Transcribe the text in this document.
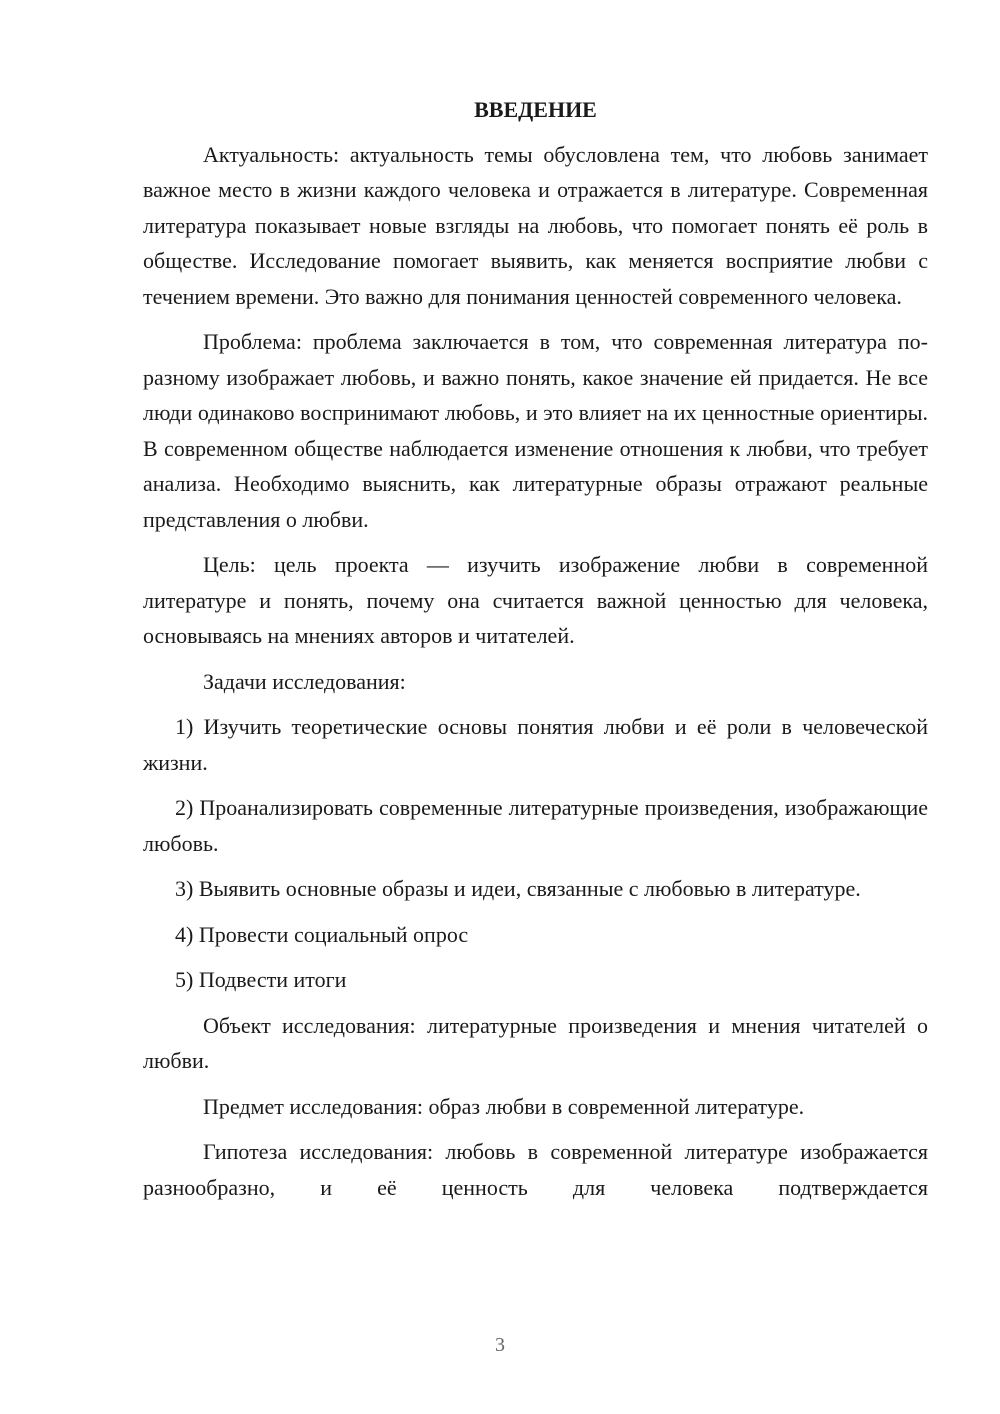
ВВЕДЕНИЕ

Актуальность: актуальность темы обусловлена тем, что любовь занимает важное место в жизни каждого человека и отражается в литературе. Современная литература показывает новые взгляды на любовь, что помогает понять её роль в обществе. Исследование помогает выявить, как меняется восприятие любви с течением времени. Это важно для понимания ценностей современного человека.

Проблема: проблема заключается в том, что современная литература по-разному изображает любовь, и важно понять, какое значение ей придается. Не все люди одинаково воспринимают любовь, и это влияет на их ценностные ориентиры. В современном обществе наблюдается изменение отношения к любви, что требует анализа. Необходимо выяснить, как литературные образы отражают реальные представления о любви.

Цель: цель проекта — изучить изображение любви в современной литературе и понять, почему она считается важной ценностью для человека, основываясь на мнениях авторов и читателей.

Задачи исследования:

1) Изучить теоретические основы понятия любви и её роли в человеческой жизни.

2) Проанализировать современные литературные произведения, изображающие любовь.

3) Выявить основные образы и идеи, связанные с любовью в литературе.

4) Провести социальный опрос

5) Подвести итоги

Объект исследования: литературные произведения и мнения читателей о любви.

Предмет исследования: образ любви в современной литературе.

Гипотеза исследования: любовь в современной литературе изображается разнообразно, и её ценность для человека подтверждается

3
